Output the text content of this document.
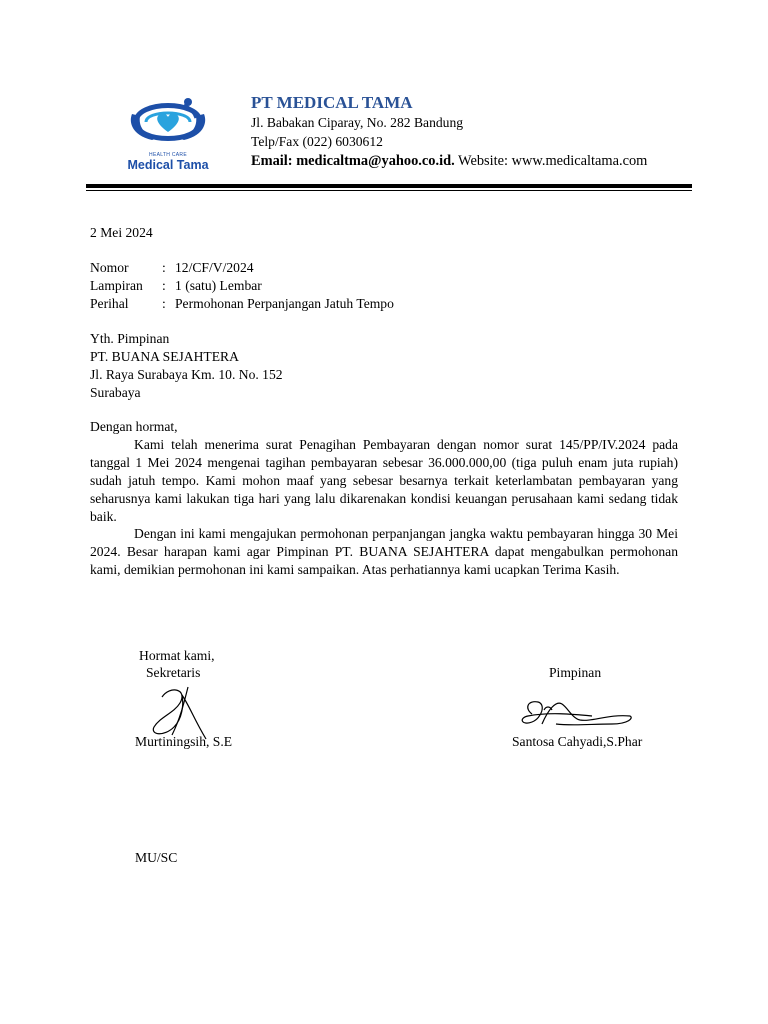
HEALTH CARE
Medical Tama
PT MEDICAL TAMA
Jl. Babakan Ciparay, No. 282 Bandung
Telp/Fax (022) 6030612
Email: medicaltma@yahoo.co.id. Website: www.medicaltama.com
2 Mei 2024
Nomor : 12/CF/V/2024
Lampiran : 1 (satu) Lembar
Perihal : Permohonan Perpanjangan Jatuh Tempo
Yth. Pimpinan
PT. BUANA SEJAHTERA
Jl. Raya Surabaya Km. 10. No. 152
Surabaya
Dengan hormat,
Kami telah menerima surat Penagihan Pembayaran dengan nomor surat 145/PP/IV.2024 pada tanggal 1 Mei 2024 mengenai tagihan pembayaran sebesar 36.000.000,00 (tiga puluh enam juta rupiah) sudah jatuh tempo. Kami mohon maaf yang sebesar besarnya terkait keterlambatan pembayaran yang seharusnya kami lakukan tiga hari yang lalu dikarenakan kondisi keuangan perusahaan kami sedang tidak baik.
Dengan ini kami mengajukan permohonan perpanjangan jangka waktu pembayaran hingga 30 Mei 2024. Besar harapan kami agar Pimpinan PT. BUANA SEJAHTERA dapat mengabulkan permohonan kami, demikian permohonan ini kami sampaikan. Atas perhatiannya kami ucapkan Terima Kasih.
Hormat kami,
Sekretaris	Pimpinan
Murtiningsih, S.E	Santosa Cahyadi,S.Phar
MU/SC
